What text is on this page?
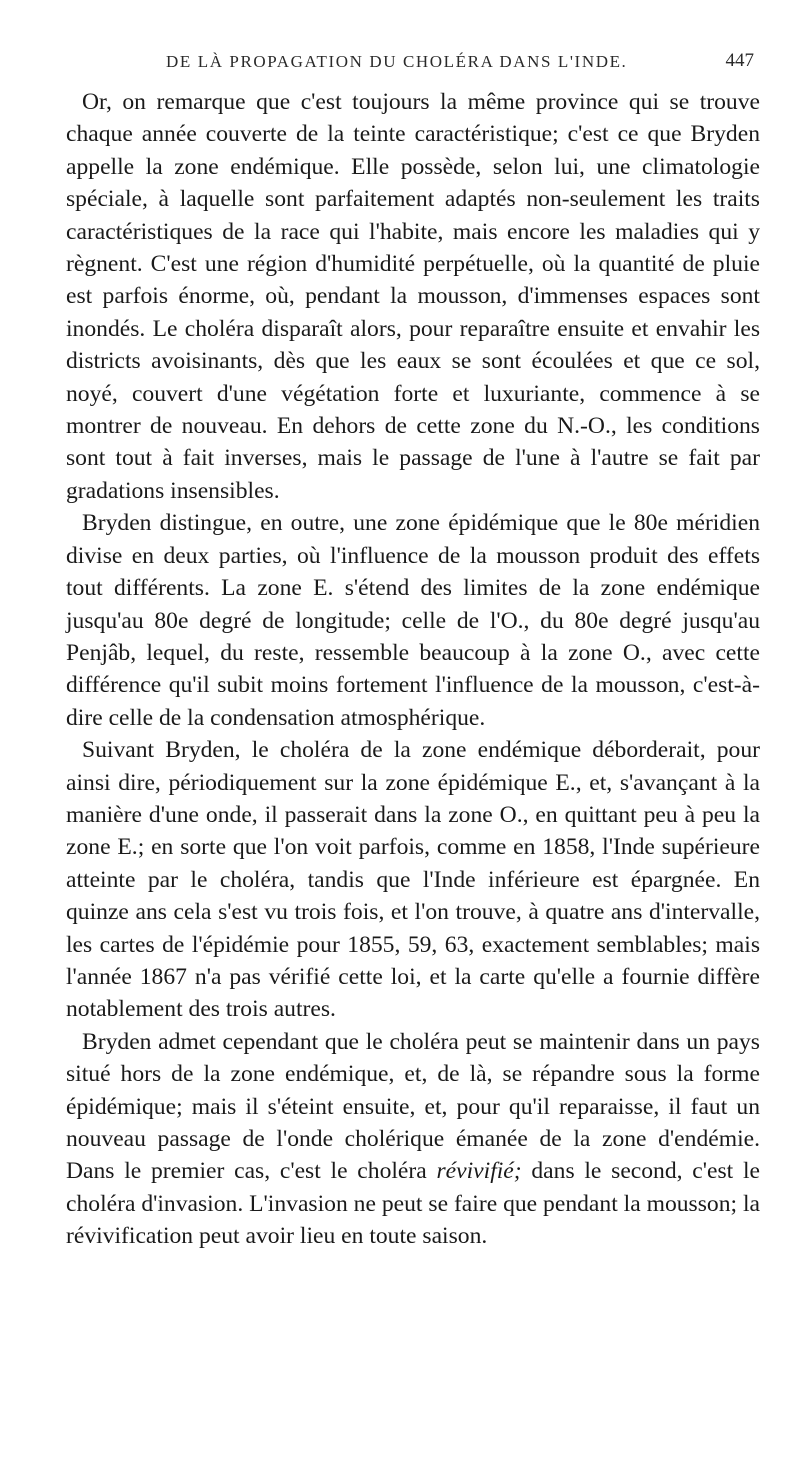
DE LÀ PROPAGATION DU CHOLÉRA DANS L'INDE.	447

Or, on remarque que c'est toujours la même province qui se trouve chaque année couverte de la teinte caractéristique; c'est ce que Bryden appelle la zone endémique. Elle possède, selon lui, une climatologie spéciale, à laquelle sont parfaitement adaptés non-seulement les traits caractéristiques de la race qui l'habite, mais encore les maladies qui y règnent. C'est une région d'humidité perpétuelle, où la quantité de pluie est parfois énorme, où, pendant la mousson, d'immenses espaces sont inondés. Le choléra disparaît alors, pour reparaître ensuite et envahir les districts avoisinants, dès que les eaux se sont écoulées et que ce sol, noyé, couvert d'une végétation forte et luxuriante, commence à se montrer de nouveau. En dehors de cette zone du N.-O., les conditions sont tout à fait inverses, mais le passage de l'une à l'autre se fait par gradations insensibles.

Bryden distingue, en outre, une zone épidémique que le 80e méridien divise en deux parties, où l'influence de la mousson produit des effets tout différents. La zone E. s'étend des limites de la zone endémique jusqu'au 80e degré de longitude; celle de l'O., du 80e degré jusqu'au Penjâb, lequel, du reste, ressemble beaucoup à la zone O., avec cette différence qu'il subit moins fortement l'influence de la mousson, c'est-à-dire celle de la condensation atmosphérique.

Suivant Bryden, le choléra de la zone endémique déborderait, pour ainsi dire, périodiquement sur la zone épidémique E., et, s'avançant à la manière d'une onde, il passerait dans la zone O., en quittant peu à peu la zone E.; en sorte que l'on voit parfois, comme en 1858, l'Inde supérieure atteinte par le choléra, tandis que l'Inde inférieure est épargnée. En quinze ans cela s'est vu trois fois, et l'on trouve, à quatre ans d'intervalle, les cartes de l'épidémie pour 1855, 59, 63, exactement semblables; mais l'année 1867 n'a pas vérifié cette loi, et la carte qu'elle a fournie diffère notablement des trois autres.

Bryden admet cependant que le choléra peut se maintenir dans un pays situé hors de la zone endémique, et, de là, se répandre sous la forme épidémique; mais il s'éteint ensuite, et, pour qu'il reparaisse, il faut un nouveau passage de l'onde cholérique émanée de la zone d'endémie. Dans le premier cas, c'est le choléra révivifié; dans le second, c'est le choléra d'invasion. L'invasion ne peut se faire que pendant la mousson; la révivification peut avoir lieu en toute saison.
